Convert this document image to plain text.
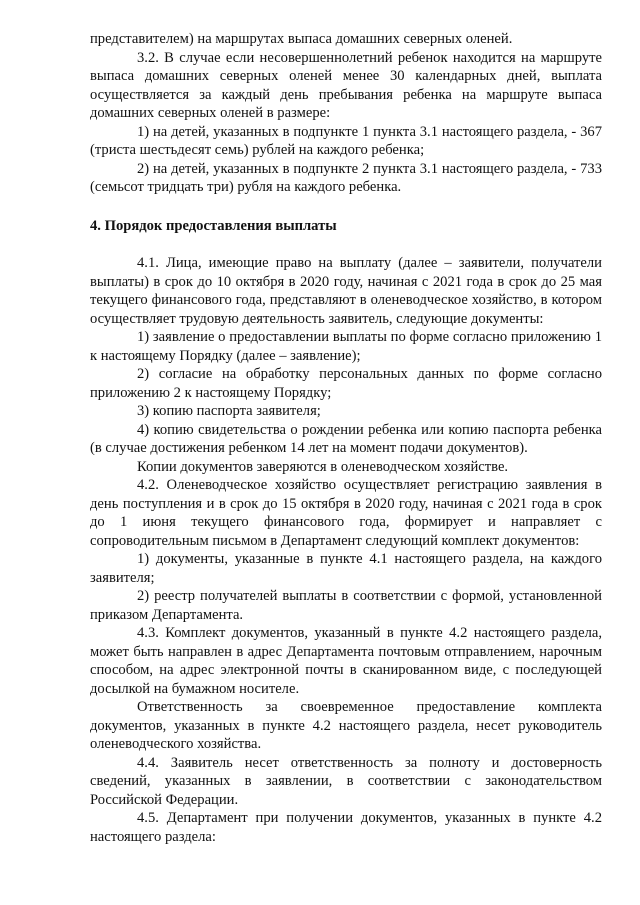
представителем) на маршрутах выпаса домашних северных оленей.

3.2. В случае если несовершеннолетний ребенок находится на маршруте выпаса домашних северных оленей менее 30 календарных дней, выплата осуществляется за каждый день пребывания ребенка на маршруте выпаса домашних северных оленей в размере:

1) на детей, указанных в подпункте 1 пункта 3.1 настоящего раздела, - 367 (триста шестьдесят семь) рублей на каждого ребенка;

2) на детей, указанных в подпункте 2 пункта 3.1 настоящего раздела, - 733 (семьсот тридцать три) рубля на каждого ребенка.

4. Порядок предоставления выплаты

4.1. Лица, имеющие право на выплату (далее – заявители, получатели выплаты) в срок до 10 октября в 2020 году, начиная с 2021 года в срок до 25 мая текущего финансового года, представляют в оленеводческое хозяйство, в котором осуществляет трудовую деятельность заявитель, следующие документы:

1) заявление о предоставлении выплаты по форме согласно приложению 1 к настоящему Порядку (далее – заявление);

2) согласие на обработку персональных данных по форме согласно приложению 2 к настоящему Порядку;

3) копию паспорта заявителя;

4) копию свидетельства о рождении ребенка или копию паспорта ребенка (в случае достижения ребенком 14 лет на момент подачи документов).

Копии документов заверяются в оленеводческом хозяйстве.

4.2. Оленеводческое хозяйство осуществляет регистрацию заявления в день поступления и в срок до 15 октября в 2020 году, начиная с 2021 года в срок до 1 июня текущего финансового года, формирует и направляет с сопроводительным письмом в Департамент следующий комплект документов:

1) документы, указанные в пункте 4.1 настоящего раздела, на каждого заявителя;

2) реестр получателей выплаты в соответствии с формой, установленной приказом Департамента.

4.3. Комплект документов, указанный в пункте 4.2 настоящего раздела, может быть направлен в адрес Департамента почтовым отправлением, нарочным способом, на адрес электронной почты в сканированном виде, с последующей досылкой на бумажном носителе.

Ответственность за своевременное предоставление комплекта документов, указанных в пункте 4.2 настоящего раздела, несет руководитель оленеводческого хозяйства.

4.4. Заявитель несет ответственность за полноту и достоверность сведений, указанных в заявлении, в соответствии с законодательством Российской Федерации.

4.5. Департамент при получении документов, указанных в пункте 4.2 настоящего раздела:
